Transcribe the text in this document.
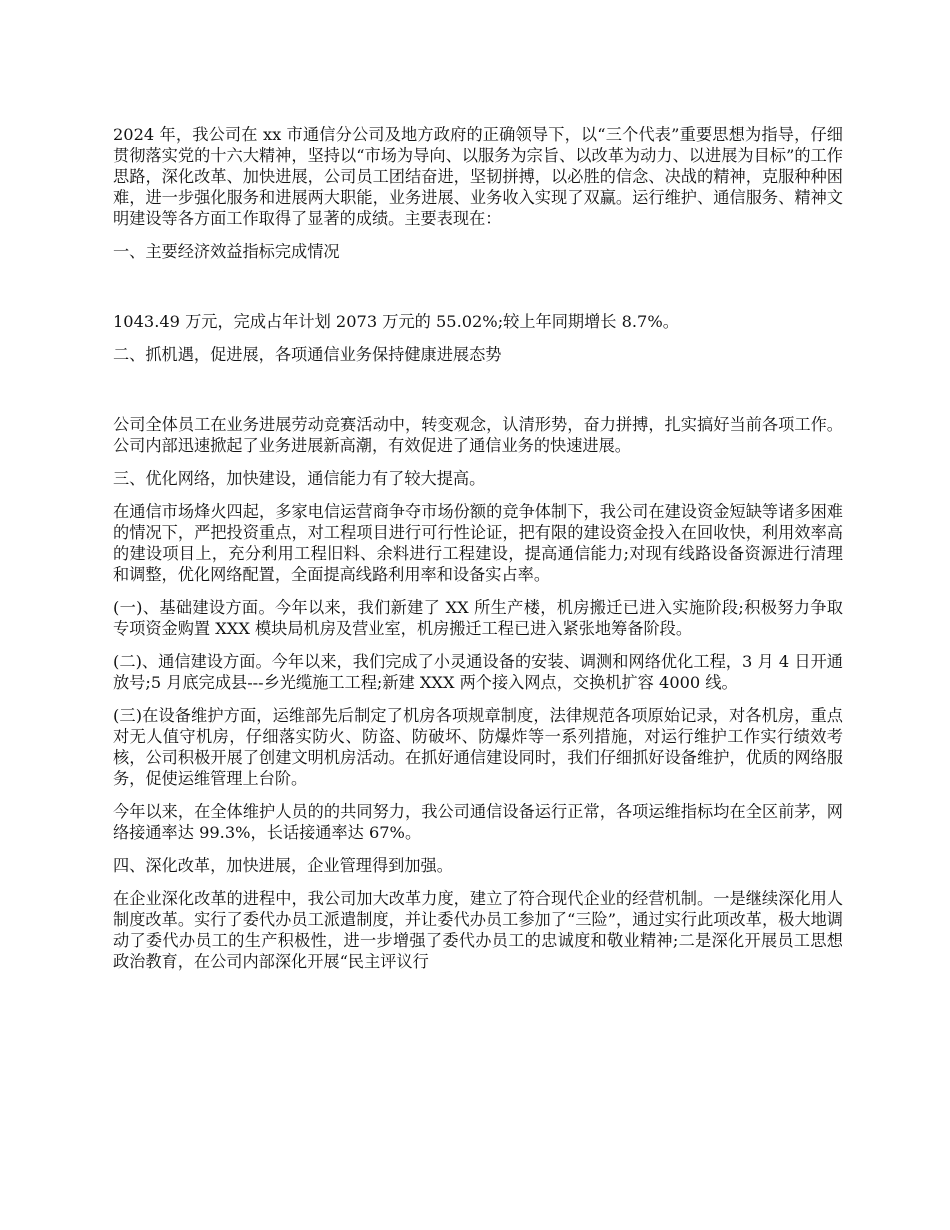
2024 年，我公司在 xx 市通信分公司及地方政府的正确领导下，以“三个代表”重要思想为指导，仔细贯彻落实党的十六大精神，坚持以“市场为导向、以服务为宗旨、以改革为动力、以进展为目标”的工作思路，深化改革、加快进展，公司员工团结奋进，坚韧拼搏，以必胜的信念、决战的精神，克服种种困难，进一步强化服务和进展两大职能，业务进展、业务收入实现了双赢。运行维护、通信服务、精神文明建设等各方面工作取得了显著的成绩。主要表现在：

一、主要经济效益指标完成情况

1043.49 万元，完成占年计划 2073 万元的 55.02%;较上年同期增长 8.7%。

二、抓机遇，促进展，各项通信业务保持健康进展态势

公司全体员工在业务进展劳动竞赛活动中，转变观念，认清形势，奋力拼搏，扎实搞好当前各项工作。公司内部迅速掀起了业务进展新高潮，有效促进了通信业务的快速进展。

三、优化网络，加快建设，通信能力有了较大提高。

在通信市场烽火四起，多家电信运营商争夺市场份额的竞争体制下，我公司在建设资金短缺等诸多困难的情况下，严把投资重点，对工程项目进行可行性论证，把有限的建设资金投入在回收快，利用效率高的建设项目上，充分利用工程旧料、余料进行工程建设，提高通信能力;对现有线路设备资源进行清理和调整，优化网络配置，全面提高线路利用率和设备实占率。

(一)、基础建设方面。今年以来，我们新建了 XX 所生产楼，机房搬迁已进入实施阶段;积极努力争取专项资金购置 XXX 模块局机房及营业室，机房搬迁工程已进入紧张地筹备阶段。

(二)、通信建设方面。今年以来，我们完成了小灵通设备的安装、调测和网络优化工程，3 月 4 日开通放号;5 月底完成县---乡光缆施工工程;新建 XXX 两个接入网点，交换机扩容 4000 线。

(三)在设备维护方面，运维部先后制定了机房各项规章制度，法律规范各项原始记录，对各机房，重点对无人值守机房，仔细落实防火、防盗、防破坏、防爆炸等一系列措施，对运行维护工作实行绩效考核，公司积极开展了创建文明机房活动。在抓好通信建设同时，我们仔细抓好设备维护，优质的网络服务，促使运维管理上台阶。

今年以来，在全体维护人员的的共同努力，我公司通信设备运行正常，各项运维指标均在全区前茅，网络接通率达 99.3%，长话接通率达 67%。

四、深化改革，加快进展，企业管理得到加强。

在企业深化改革的进程中，我公司加大改革力度，建立了符合现代企业的经营机制。一是继续深化用人制度改革。实行了委代办员工派遣制度，并让委代办员工参加了“三险”，通过实行此项改革，极大地调动了委代办员工的生产积极性，进一步增强了委代办员工的忠诚度和敬业精神;二是深化开展员工思想政治教育，在公司内部深化开展“民主评议行
